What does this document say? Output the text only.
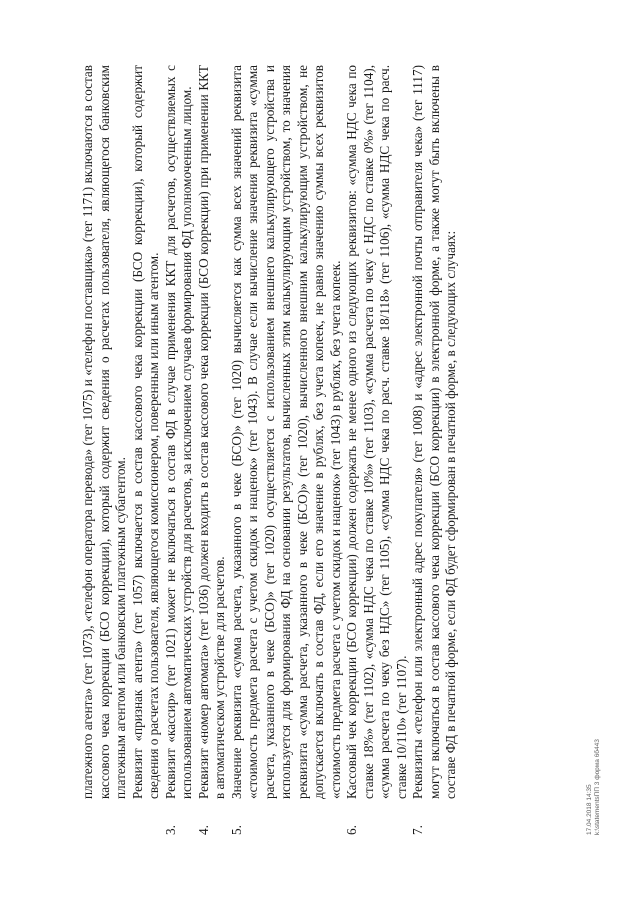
платежного агента» (тег 1073), «телефон оператора перевода» (тег 1075) и «телефон поставщика» (тег 1171) включаются в состав кассового чека коррекции (БСО коррекции), который содержит сведения о расчетах пользователя, являющегося банковским платежным агентом или банковским платежным субагентом. Реквизит «признак агента» (тег 1057) включается в состав кассового чека коррекции (БСО коррекции), который содержит сведения о расчетах пользователя, являющегося комиссионером, поверенным или иным агентом.
3.
Реквизит «кассир» (тег 1021) может не включаться в состав ФД в случае применения ККТ для расчетов, осуществляемых с использованием автоматических устройств для расчетов, за исключением случаев формирования ФД уполномоченным лицом.
4.
Реквизит «номер автомата» (тег 1036) должен входить в состав кассового чека коррекции (БСО коррекции) при применении ККТ в автоматическом устройстве для расчетов.
5.
Значение реквизита «сумма расчета, указанного в чеке (БСО)» (тег 1020) вычисляется как сумма всех значений реквизита «стоимость предмета расчета с учетом скидок и наценок» (тег 1043). В случае если вычисление значения реквизита «сумма расчета, указанного в чеке (БСО)» (тег 1020) осуществляется с использованием внешнего калькулирующего устройства и используется для формирования ФД на основании результатов, вычисленных этим калькулирующим устройством, то значения реквизита «сумма расчета, указанного в чеке (БСО)» (тег 1020), вычисленного внешним калькулирующим устройством, не допускается включать в состав ФД, если его значение в рублях, без учета копеек, не равно значению суммы всех реквизитов «стоимость предмета расчета с учетом скидок и наценок» (тег 1043) в рублях, без учета копеек.
6.
Кассовый чек коррекции (БСО коррекции) должен содержать не менее одного из следующих реквизитов: «сумма НДС чека по ставке 18%» (тег 1102), «сумма НДС чека по ставке 10%» (тег 1103), «сумма расчета по чеку с НДС по ставке 0%» (тег 1104), «сумма расчета по чеку без НДС» (тег 1105), «сумма НДС чека по расч. ставке 18/118» (тег 1106), «сумма НДС чека по расч. ставке 10/110» (тег 1107).
7.
Реквизиты «телефон или электронный адрес покупателя» (тег 1008) и «адрес электронной почты отправителя чека» (тег 1117) могут включаться в состав кассового чека коррекции (БСО коррекции) в электронной форме, а также могут быть включены в составе ФД в печатной форме, если ФД будет сформирован в печатной форме, в следующих случаях:
17.04.2018 14:35 k:\statementsПП 3 форма 6б443
